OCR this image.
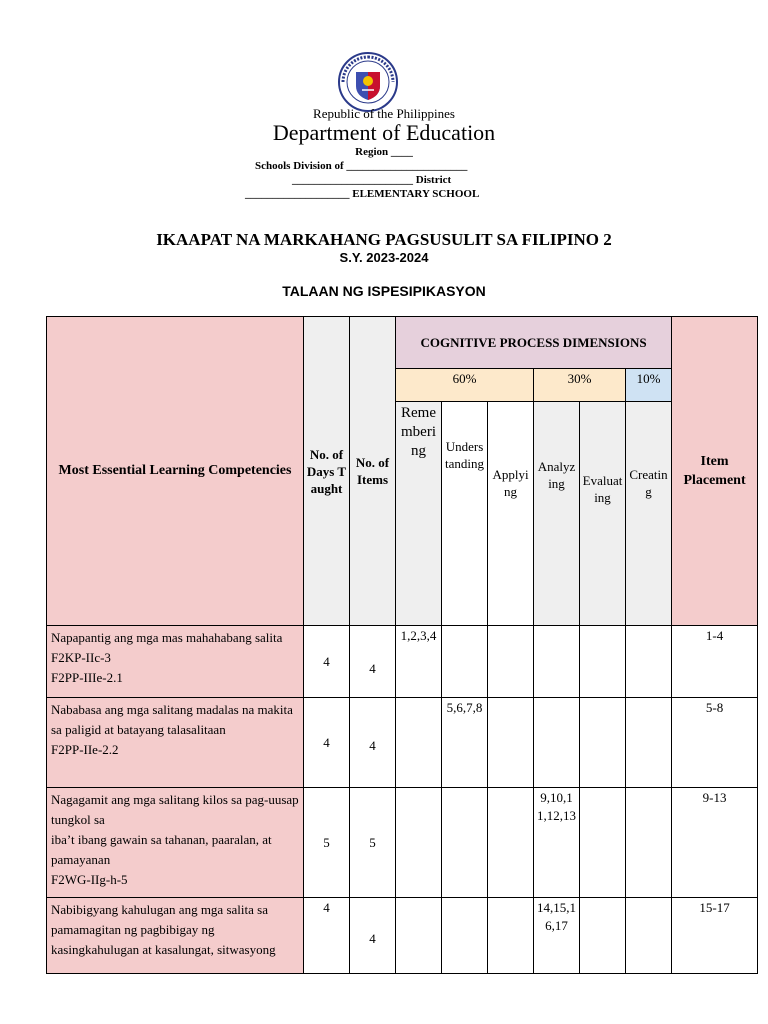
Republic of the Philippines
Department of Education
Region ____
Schools Division of ______________________
______________________ District
___________________ ELEMENTARY SCHOOL
IKAAPAT NA MARKAHANG PAGSUSULIT SA FILIPINO 2
S.Y. 2023-2024
TALAAN NG ISPESIPIKASYON
Most Essential Learning Competencies	No. of Days Taught	No. of Items	COGNITIVE PROCESS DIMENSIONS						Item Placement
			60%			30%		10%	
			Remembering	Understanding	Applying	Analyzing	Evaluating	Creating	

Napapantig ang mga mas mahahabang salita F2KP-IIc-3
F2PP-IIIe-2.1	4	4	1,2,3,4						1-4

Nababasa ang mga salitang madalas na makita sa paligid at batayang talasalitaan
F2PP-IIe-2.2	4	4		5,6,7,8					5-8

Nagagamit ang mga salitang kilos sa pag-uusap tungkol sa
iba’t ibang gawain sa tahanan, paaralan, at pamayanan
F2WG-IIg-h-5	5	5				9,10,11,12,13			9-13

Nabibigyang kahulugan ang mga salita sa pamamagitan ng pagbibigay ng kasingkahulugan at kasalungat, sitwasyong	4	4				14,15,16,17			15-17
